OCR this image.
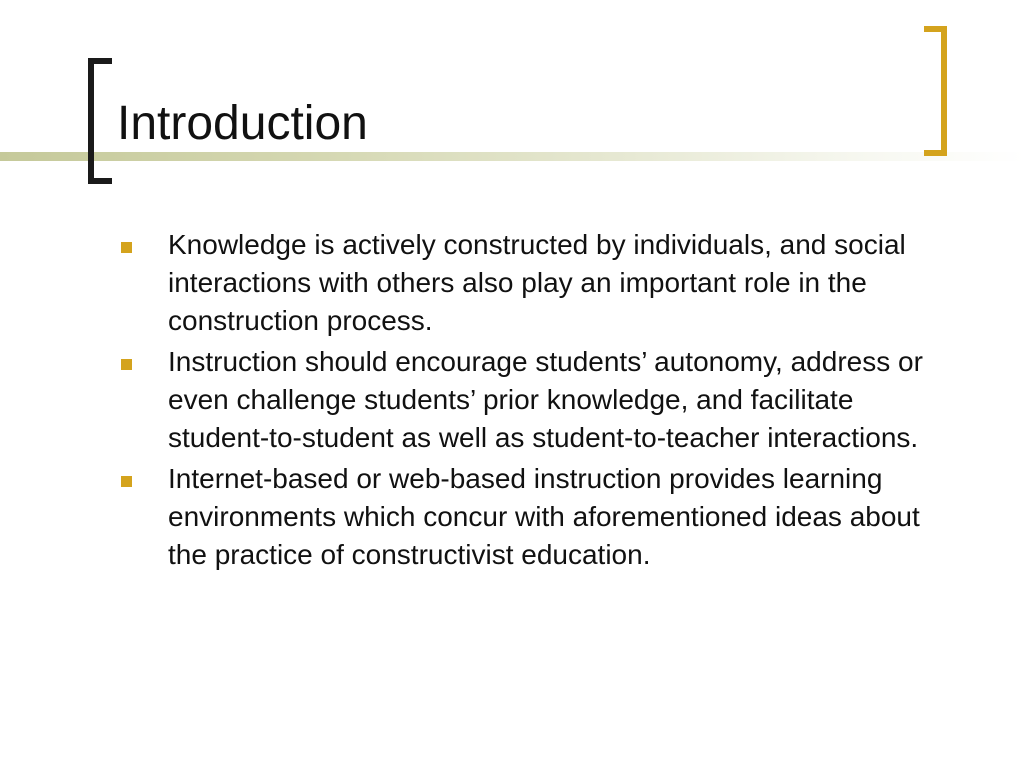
Introduction
Knowledge is actively constructed by individuals, and social interactions with others also play an important role in the construction process.
Instruction should encourage students’ autonomy, address or even challenge students’ prior knowledge, and facilitate student-to-student as well as student-to-teacher interactions.
Internet-based or web-based instruction provides learning environments which concur with aforementioned ideas about the practice of constructivist education.
